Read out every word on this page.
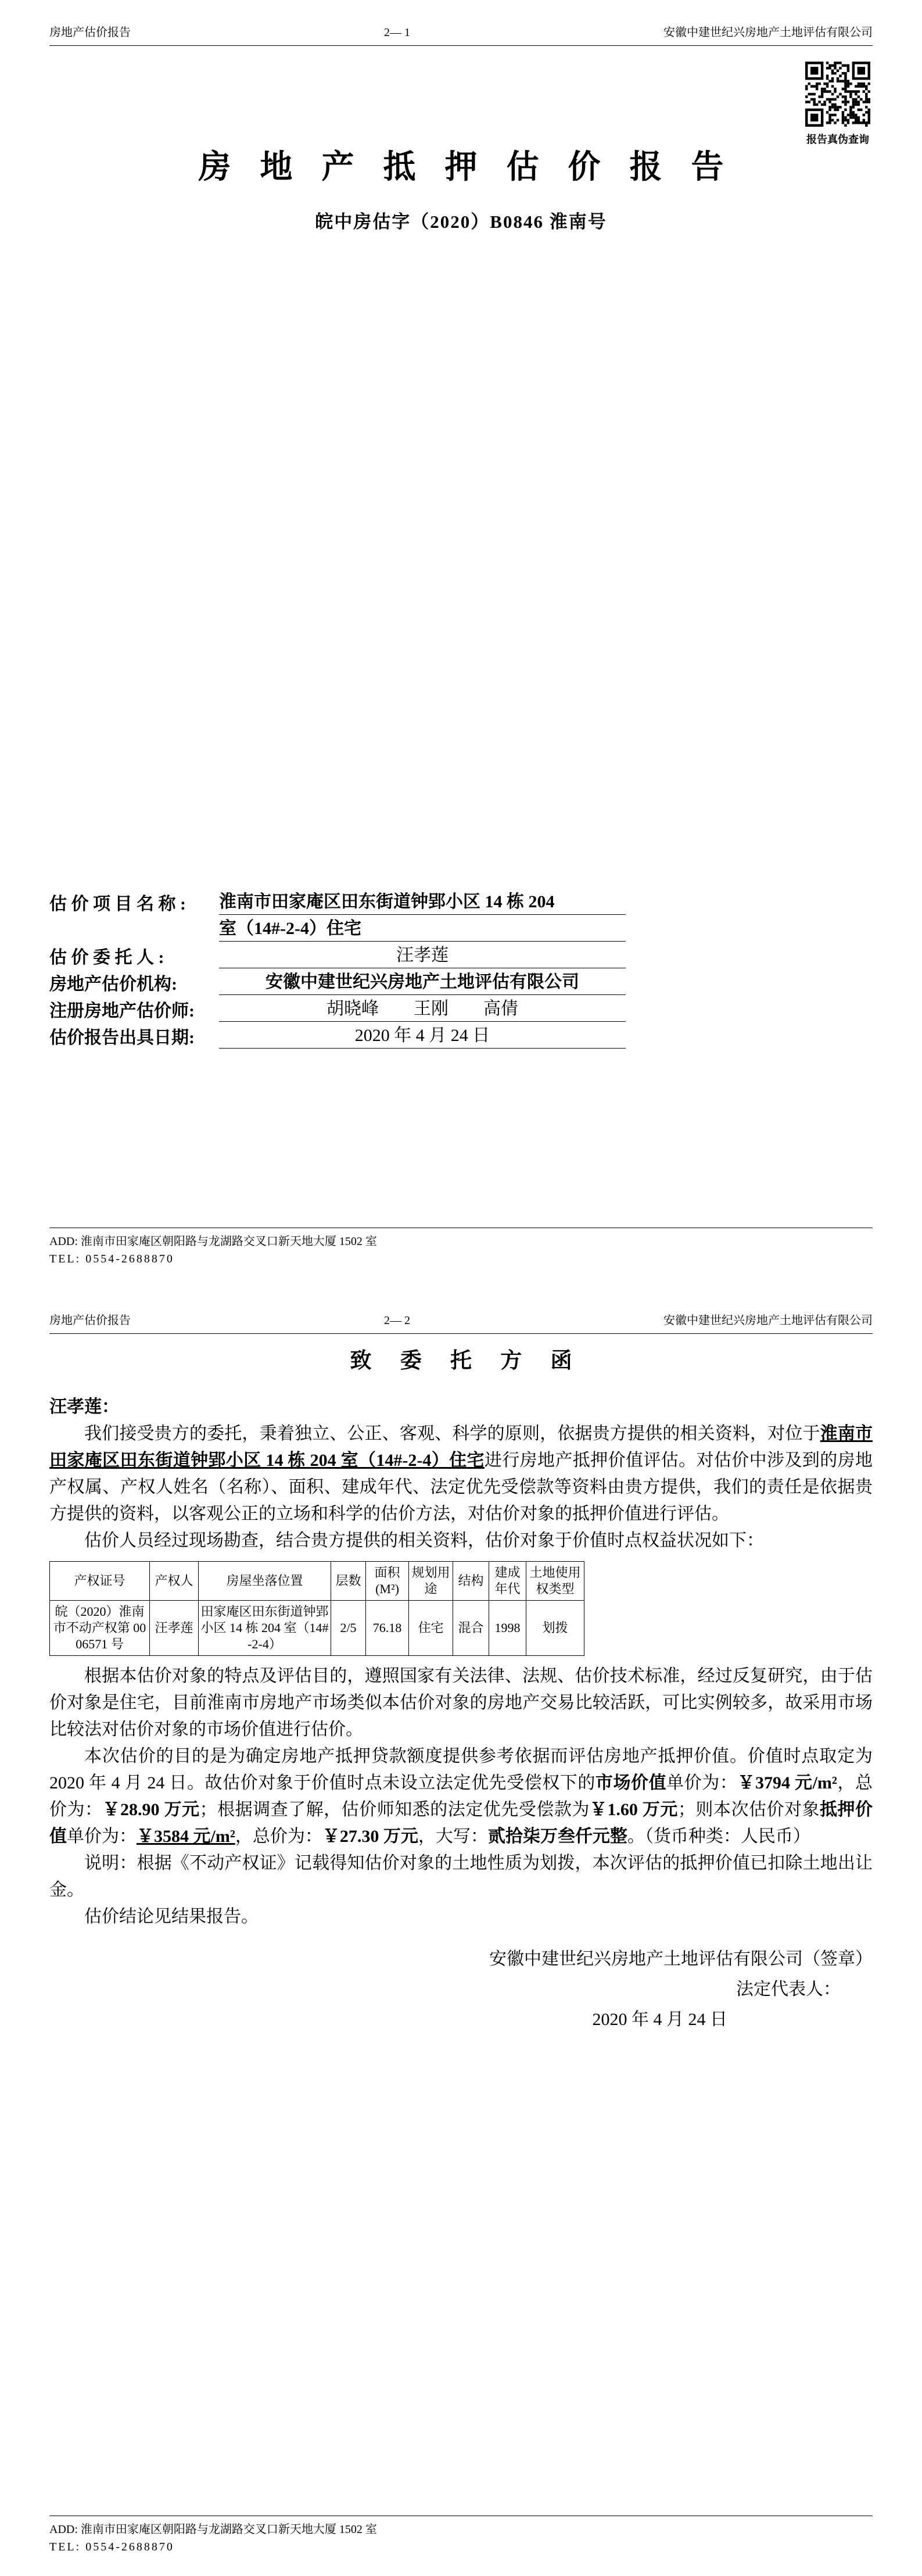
房地产估价报告	2— 1	安徽中建世纪兴房地产土地评估有限公司
报告真伪查询
房 地 产 抵 押 估 价 报 告
皖中房估字（2020）B0846 淮南号
估 价 项 目 名 称 :	淮南市田家庵区田东街道钟郢小区 14 栋 204
室（14#-2-4）住宅
估 价 委 托 人 :	汪孝莲
房地产估价机构:	安徽中建世纪兴房地产土地评估有限公司
注册房地产估价师:	胡晓峰　　王刚　　高倩
估价报告出具日期:	2020 年 4 月 24 日
ADD: 淮南市田家庵区朝阳路与龙湖路交叉口新天地大厦 1502 室
TEL: 0554-2688870
房地产估价报告	2— 2	安徽中建世纪兴房地产土地评估有限公司
致 委 托 方 函

汪孝莲：

我们接受贵方的委托，秉着独立、公正、客观、科学的原则，依据贵方提供的相关资料，对位于淮南市田家庵区田东街道钟郢小区 14 栋 204 室（14#-2-4）住宅进行房地产抵押价值评估。对估价中涉及到的房地产权属、产权人姓名（名称）、面积、建成年代、法定优先受偿款等资料由贵方提供，我们的责任是依据贵方提供的资料，以客观公正的立场和科学的估价方法，对估价对象的抵押价值进行评估。

估价人员经过现场勘查，结合贵方提供的相关资料，估价对象于价值时点权益状况如下：

产权证号	产权人	房屋坐落位置	层数	面积(M²)	规划用途	结构	建成年代	土地使用权类型
皖（2020）淮南市不动产权第 0006571 号	汪孝莲	田家庵区田东街道钟郢小区 14 栋 204 室（14#-2-4）	2/5	76.18	住宅	混合	1998	划拨

根据本估价对象的特点及评估目的，遵照国家有关法律、法规、估价技术标准，经过反复研究，由于估价对象是住宅，目前淮南市房地产市场类似本估价对象的房地产交易比较活跃，可比实例较多，故采用市场比较法对估价对象的市场价值进行估价。

本次估价的目的是为确定房地产抵押贷款额度提供参考依据而评估房地产抵押价值。价值时点取定为 2020 年 4 月 24 日。故估价对象于价值时点未设立法定优先受偿权下的市场价值单价为：￥3794 元/m²，总价为：￥28.90 万元；根据调查了解，估价师知悉的法定优先受偿款为￥1.60 万元；则本次估价对象抵押价值单价为：￥3584 元/m²，总价为：￥27.30 万元，大写：贰拾柒万叁仟元整。（货币种类：人民币）

说明：根据《不动产权证》记载得知估价对象的土地性质为划拨，本次评估的抵押价值已扣除土地出让金。

估价结论见结果报告。

安徽中建世纪兴房地产土地评估有限公司（签章）
法定代表人：
2020 年 4 月 24 日
ADD: 淮南市田家庵区朝阳路与龙湖路交叉口新天地大厦 1502 室
TEL: 0554-2688870
